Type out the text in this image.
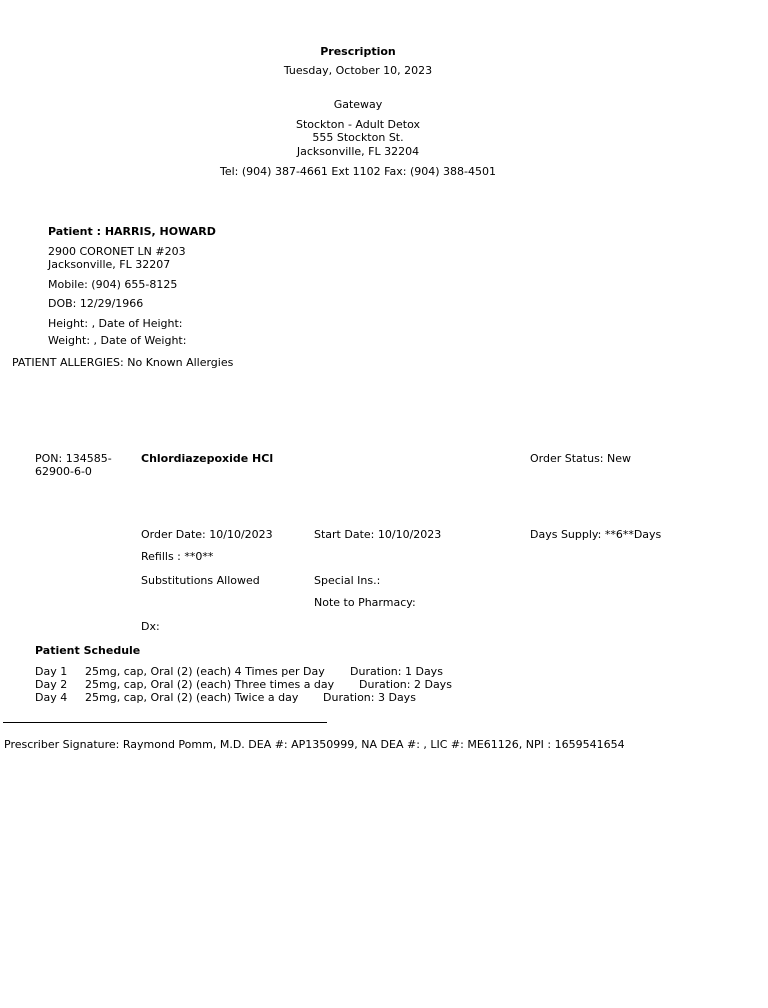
Prescription
Tuesday, October 10, 2023
Gateway
Stockton - Adult Detox
555 Stockton St.
Jacksonville, FL 32204
Tel: (904) 387-4661 Ext 1102 Fax: (904) 388-4501
Patient : HARRIS, HOWARD
2900 CORONET LN #203
Jacksonville, FL 32207
Mobile: (904) 655-8125
DOB: 12/29/1966
Height: , Date of Height:
Weight: , Date of Weight:
PATIENT ALLERGIES: No Known Allergies
PON: 134585-
62900-6-0
Chlordiazepoxide HCl	Order Status: New
Order Date: 10/10/2023	Start Date: 10/10/2023	Days Supply: **6**Days
Refills : **0**
Substitutions Allowed	Special Ins.:
Note to Pharmacy:
Dx:
Patient Schedule
Day 1 25mg, cap, Oral (2) (each) 4 Times per Day Duration: 1 Days
Day 2 25mg, cap, Oral (2) (each) Three times a day Duration: 2 Days
Day 4 25mg, cap, Oral (2) (each) Twice a day Duration: 3 Days
Prescriber Signature: Raymond Pomm, M.D. DEA #: AP1350999, NA DEA #: , LIC #: ME61126, NPI : 1659541654
